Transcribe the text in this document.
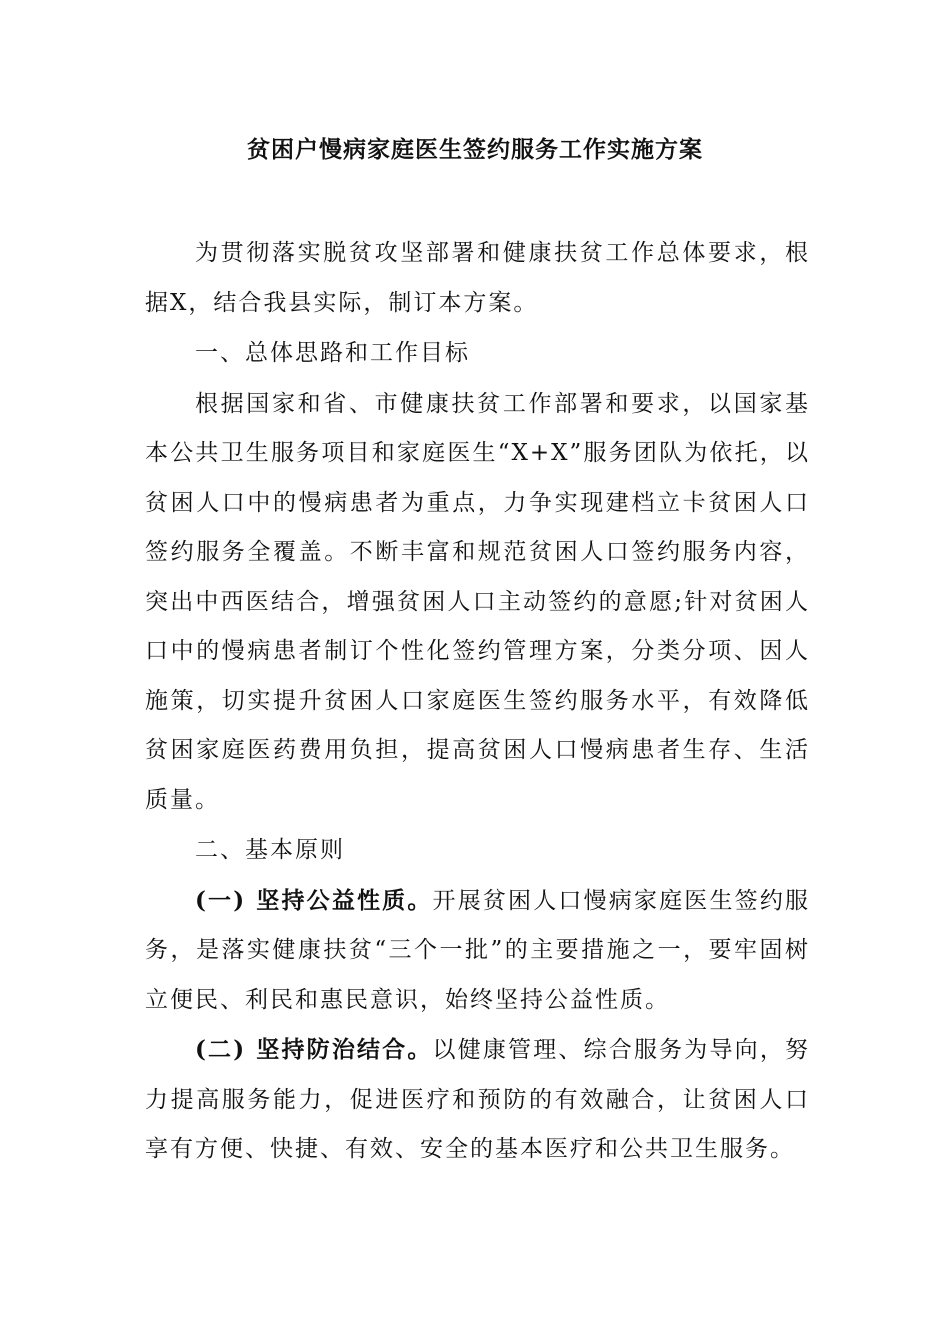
贫困户慢病家庭医生签约服务工作实施方案

为贯彻落实脱贫攻坚部署和健康扶贫工作总体要求，根据X，结合我县实际，制订本方案。

一、总体思路和工作目标

根据国家和省、市健康扶贫工作部署和要求，以国家基本公共卫生服务项目和家庭医生“X+X”服务团队为依托，以贫困人口中的慢病患者为重点，力争实现建档立卡贫困人口签约服务全覆盖。不断丰富和规范贫困人口签约服务内容，突出中西医结合，增强贫困人口主动签约的意愿;针对贫困人口中的慢病患者制订个性化签约管理方案，分类分项、因人施策，切实提升贫困人口家庭医生签约服务水平，有效降低贫困家庭医药费用负担，提高贫困人口慢病患者生存、生活质量。

二、基本原则

(一) 坚持公益性质。开展贫困人口慢病家庭医生签约服务，是落实健康扶贫“三个一批”的主要措施之一，要牢固树立便民、利民和惠民意识，始终坚持公益性质。

(二) 坚持防治结合。以健康管理、综合服务为导向，努力提高服务能力，促进医疗和预防的有效融合，让贫困人口享有方便、快捷、有效、安全的基本医疗和公共卫生服务。
